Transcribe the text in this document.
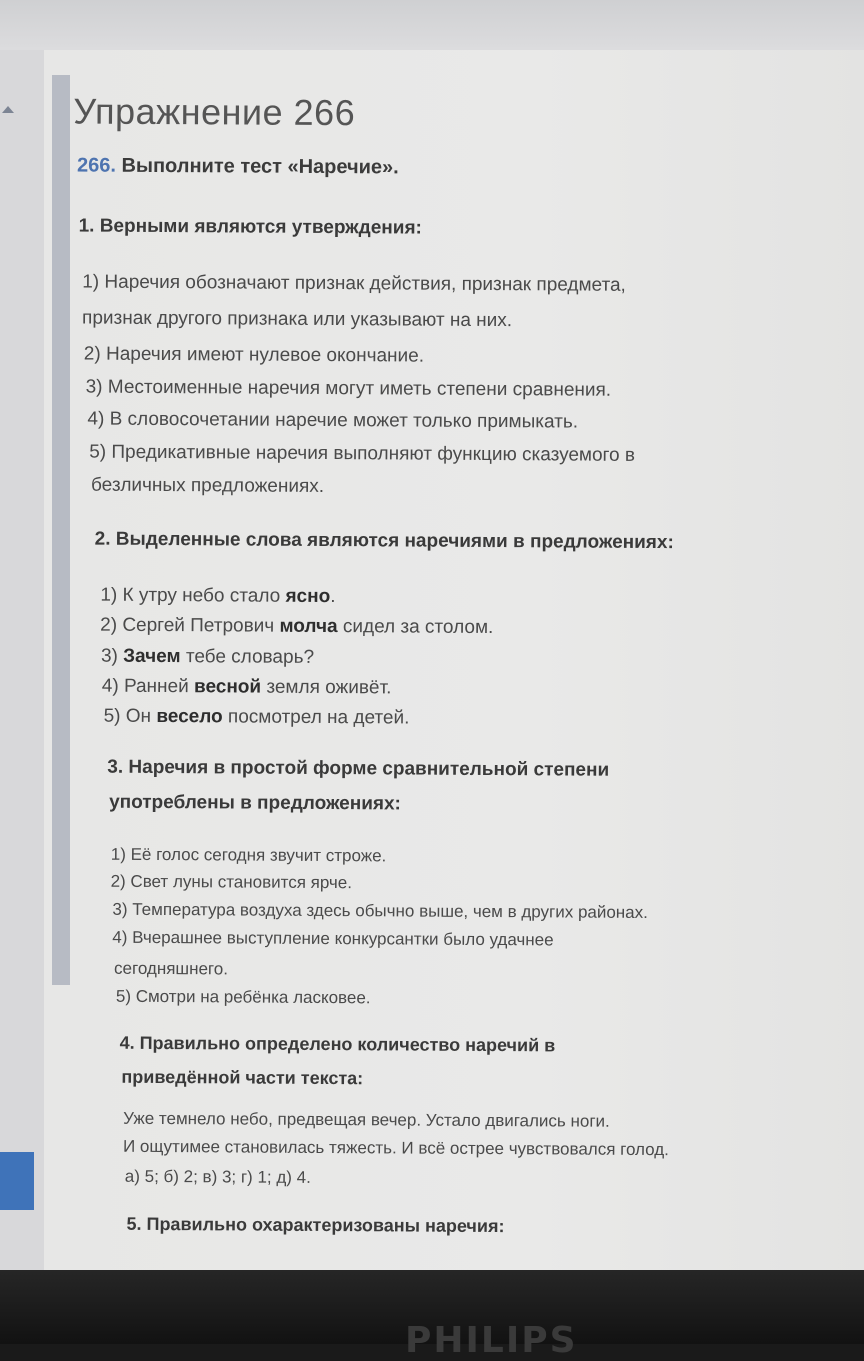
Упражнение 266
266. Выполните тест «Наречие».
1. Верными являются утверждения:
1) Наречия обозначают признак действия, признак предмета,
признак другого признака или указывают на них.
2) Наречия имеют нулевое окончание.
3) Местоименные наречия могут иметь степени сравнения.
4) В словосочетании наречие может только примыкать.
5) Предикативные наречия выполняют функцию сказуемого в
безличных предложениях.
2. Выделенные слова являются наречиями в предложениях:
1) К утру небо стало ясно.
2) Сергей Петрович молча сидел за столом.
3) Зачем тебе словарь?
4) Ранней весной земля оживёт.
5) Он весело посмотрел на детей.
3. Наречия в простой форме сравнительной степени
употреблены в предложениях:
1) Её голос сегодня звучит строже.
2) Свет луны становится ярче.
3) Температура воздуха здесь обычно выше, чем в других районах.
4) Вчерашнее выступление конкурсантки было удачнее
сегодняшнего.
5) Смотри на ребёнка ласковее.
4. Правильно определено количество наречий в
приведённой части текста:
Уже темнело небо, предвещая вечер. Устало двигались ноги.
И ощутимее становилась тяжесть. И всё острее чувствовался голод.
а) 5; б) 2; в) 3; г) 1; д) 4.
5. Правильно охарактеризованы наречия:
PHILIPS
